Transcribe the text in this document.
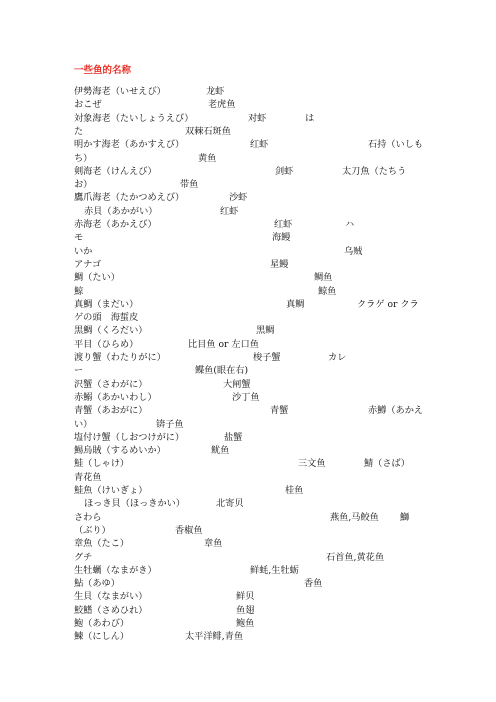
一些鱼的名称
伊勢海老（いせえび）	龙虾
おこぜ	老虎鱼
対象海老（たいしょうえび）	对虾	は
た	双棘石斑鱼
明かす海老（あかすえび）	红虾	石持（いしも
ち）	黄鱼
剣海老（けんえび）	剑虾	太刀魚（たちう
お）	带鱼
鷹爪海老（たかつめえび）	沙虾
赤貝（あかがい）	红虾
赤海老（あかえび）	红虾	ハ
モ	海鳗
いか	乌贼
アナゴ	星鳗
鯛（たい）	鲷鱼
鯨	鲸鱼
真鯛（まだい）	真鲷	クラゲ or クラ
ゲの頭　海蜇皮
黒鯛（くろだい）	黑鲷
平目（ひらめ）	比目鱼 or 左口鱼
渡り蟹（わたりがに）	梭子蟹	カレ
ー	鲽鱼(眼在右)
沢蟹（さわがに）	大闸蟹
赤鰯（あかいわし）	沙丁鱼
青蟹（あおがに）	青蟹	赤鱒（あかえ
い）	锛子鱼
塩付け蟹（しおつけがに）	盐蟹
鯣烏賊（するめいか）	鱿鱼
鮭（しゃけ）	三文鱼	鯖（さば）
青花鱼
鮭魚（けいぎょ）	桂鱼
ほっき貝（ほっきかい）	北寄贝
さわら	燕鱼,马鲛鱼 鰤
（ぶり）	香椒鱼
章魚（たこ）	章鱼
グチ	石首鱼,黄花鱼
生牡蠣（なまがき）	鲜蚝,生牡蛎
鮎（あゆ）	香鱼
生貝（なまがい）	鲜贝
鮫鰭（さめひれ）	鱼翅
鮑（あわび）	鲍鱼
鰊（にしん）	太平洋鲱,青鱼
